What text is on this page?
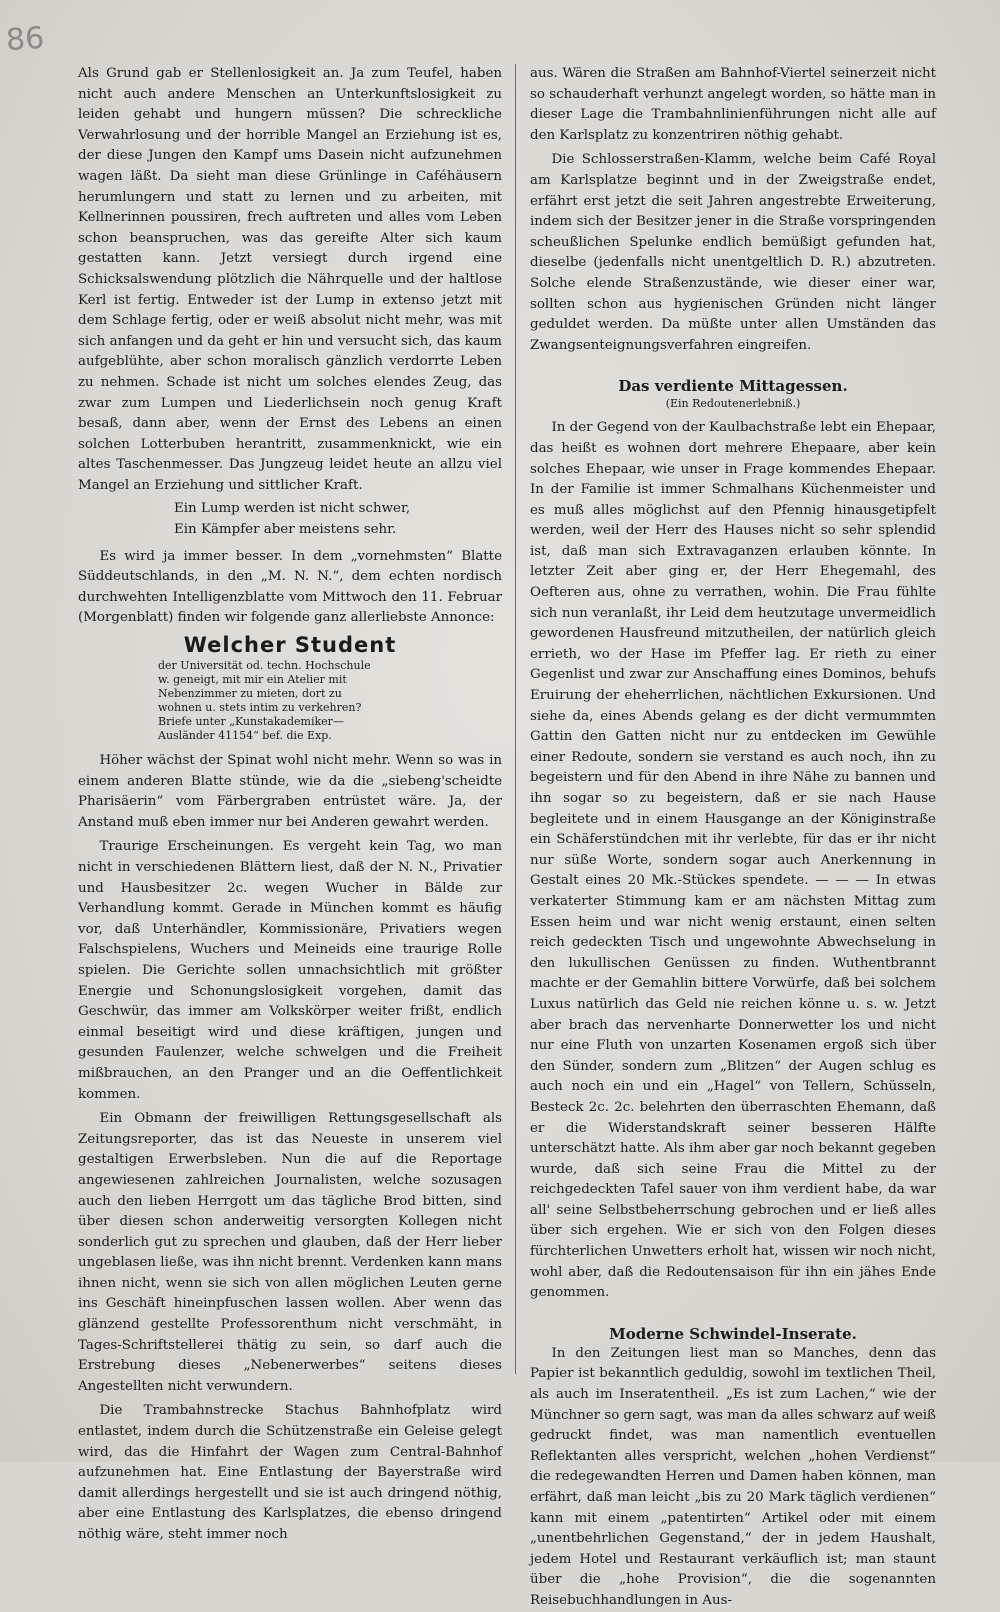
86

Als Grund gab er Stellenlosigkeit an. Ja zum Teufel, haben nicht auch andere Menschen an Unterkunftslosigkeit zu leiden gehabt und hungern müssen? Die schreckliche Verwahrlosung und der horrible Mangel an Erziehung ist es, der diese Jungen den Kampf ums Dasein nicht aufzunehmen wagen läßt. Da sieht man diese Grünlinge in Caféhäusern herumlungern und statt zu lernen und zu arbeiten, mit Kellnerinnen poussiren, frech auftreten und alles vom Leben schon beanspruchen, was das gereifte Alter sich kaum gestatten kann. Jetzt versiegt durch irgend eine Schicksalswendung plötzlich die Nährquelle und der haltlose Kerl ist fertig. Entweder ist der Lump in extenso jetzt mit dem Schlage fertig, oder er weiß absolut nicht mehr, was mit sich anfangen und da geht er hin und versucht sich, das kaum aufgeblühte, aber schon moralisch gänzlich verdorrte Leben zu nehmen. Schade ist nicht um solches elendes Zeug, das zwar zum Lumpen und Liederlichsein noch genug Kraft besaß, dann aber, wenn der Ernst des Lebens an einen solchen Lotterbuben herantritt, zusammenknickt, wie ein altes Taschenmesser. Das Jungzeug leidet heute an allzu viel Mangel an Erziehung und sittlicher Kraft.

Ein Lump werden ist nicht schwer,
Ein Kämpfer aber meistens sehr.

Es wird ja immer besser. In dem „vornehmsten“ Blatte Süddeutschlands, in den „M. N. N.“, dem echten nordisch durchwehten Intelligenzblatte vom Mittwoch den 11. Februar (Morgenblatt) finden wir folgende ganz allerliebste Annonce:

Welcher Student
der Universität od. techn. Hochschule w. geneigt, mit mir ein Atelier mit Nebenzimmer zu mieten, dort zu wohnen u. stets intim zu verkehren? Briefe unter „Kunstakademiker—Ausländer 41154“ bef. die Exp.

Höher wächst der Spinat wohl nicht mehr. Wenn so was in einem anderen Blatte stünde, wie da die „siebeng'scheidte Pharisäerin“ vom Färbergraben entrüstet wäre. Ja, der Anstand muß eben immer nur bei Anderen gewahrt werden.

Traurige Erscheinungen. Es vergeht kein Tag, wo man nicht in verschiedenen Blättern liest, daß der N. N., Privatier und Hausbesitzer 2c. wegen Wucher in Bälde zur Verhandlung kommt. Gerade in München kommt es häufig vor, daß Unterhändler, Kommissionäre, Privatiers wegen Falschspielens, Wuchers und Meineids eine traurige Rolle spielen. Die Gerichte sollen unnachsichtlich mit größter Energie und Schonungslosigkeit vorgehen, damit das Geschwür, das immer am Volkskörper weiter frißt, endlich einmal beseitigt wird und diese kräftigen, jungen und gesunden Faulenzer, welche schwelgen und die Freiheit mißbrauchen, an den Pranger und an die Oeffentlichkeit kommen.

Ein Obmann der freiwilligen Rettungsgesellschaft als Zeitungsreporter, das ist das Neueste in unserem viel gestaltigen Erwerbsleben. Nun die auf die Reportage angewiesenen zahlreichen Journalisten, welche sozusagen auch den lieben Herrgott um das tägliche Brod bitten, sind über diesen schon anderweitig versorgten Kollegen nicht sonderlich gut zu sprechen und glauben, daß der Herr lieber ungeblasen ließe, was ihn nicht brennt. Verdenken kann mans ihnen nicht, wenn sie sich von allen möglichen Leuten gerne ins Geschäft hineinpfuschen lassen wollen. Aber wenn das glänzend gestellte Professorenthum nicht verschmäht, in Tages-Schriftstellerei thätig zu sein, so darf auch die Erstrebung dieses „Nebenerwerbes“ seitens dieses Angestellten nicht verwundern.

Die Trambahnstrecke Stachus Bahnhofplatz wird entlastet, indem durch die Schützenstraße ein Geleise gelegt wird, das die Hinfahrt der Wagen zum Central-Bahnhof aufzunehmen hat. Eine Entlastung der Bayerstraße wird damit allerdings hergestellt und sie ist auch dringend nöthig, aber eine Entlastung des Karlsplatzes, die ebenso dringend nöthig wäre, steht immer noch

aus. Wären die Straßen am Bahnhof-Viertel seinerzeit nicht so schauderhaft verhunzt angelegt worden, so hätte man in dieser Lage die Trambahnlinienführungen nicht alle auf den Karlsplatz zu konzentriren nöthig gehabt.

Die Schlosserstraßen-Klamm, welche beim Café Royal am Karlsplatze beginnt und in der Zweigstraße endet, erfährt erst jetzt die seit Jahren angestrebte Erweiterung, indem sich der Besitzer jener in die Straße vorspringenden scheußlichen Spelunke endlich bemüßigt gefunden hat, dieselbe (jedenfalls nicht unentgeltlich D. R.) abzutreten. Solche elende Straßenzustände, wie dieser einer war, sollten schon aus hygienischen Gründen nicht länger geduldet werden. Da müßte unter allen Umständen das Zwangsenteignungsverfahren eingreifen.

Das verdiente Mittagessen.
(Ein Redoutenerlebniß.)

In der Gegend von der Kaulbachstraße lebt ein Ehepaar, das heißt es wohnen dort mehrere Ehepaare, aber kein solches Ehepaar, wie unser in Frage kommendes Ehepaar. In der Familie ist immer Schmalhans Küchenmeister und es muß alles möglichst auf den Pfennig hinausgetipfelt werden, weil der Herr des Hauses nicht so sehr splendid ist, daß man sich Extravaganzen erlauben könnte. In letzter Zeit aber ging er, der Herr Ehegemahl, des Oefteren aus, ohne zu verrathen, wohin. Die Frau fühlte sich nun veranlaßt, ihr Leid dem heutzutage unvermeidlich gewordenen Hausfreund mitzutheilen, der natürlich gleich errieth, wo der Hase im Pfeffer lag. Er rieth zu einer Gegenlist und zwar zur Anschaffung eines Dominos, behufs Eruirung der eheherrlichen, nächtlichen Exkursionen. Und siehe da, eines Abends gelang es der dicht vermummten Gattin den Gatten nicht nur zu entdecken im Gewühle einer Redoute, sondern sie verstand es auch noch, ihn zu begeistern und für den Abend in ihre Nähe zu bannen und ihn sogar so zu begeistern, daß er sie nach Hause begleitete und in einem Hausgange an der Königinstraße ein Schäferstündchen mit ihr verlebte, für das er ihr nicht nur süße Worte, sondern sogar auch Anerkennung in Gestalt eines 20 Mk.-Stückes spendete. — — — In etwas verkaterter Stimmung kam er am nächsten Mittag zum Essen heim und war nicht wenig erstaunt, einen selten reich gedeckten Tisch und ungewohnte Abwechselung in den lukullischen Genüssen zu finden. Wuthentbrannt machte er der Gemahlin bittere Vorwürfe, daß bei solchem Luxus natürlich das Geld nie reichen könne u. s. w. Jetzt aber brach das nervenharte Donnerwetter los und nicht nur eine Fluth von unzarten Kosenamen ergoß sich über den Sünder, sondern zum „Blitzen“ der Augen schlug es auch noch ein und ein „Hagel“ von Tellern, Schüsseln, Besteck 2c. 2c. belehrten den überraschten Ehemann, daß er die Widerstandskraft seiner besseren Hälfte unterschätzt hatte. Als ihm aber gar noch bekannt gegeben wurde, daß sich seine Frau die Mittel zu der reichgedeckten Tafel sauer von ihm verdient habe, da war all' seine Selbstbeherrschung gebrochen und er ließ alles über sich ergehen. Wie er sich von den Folgen dieses fürchterlichen Unwetters erholt hat, wissen wir noch nicht, wohl aber, daß die Redoutensaison für ihn ein jähes Ende genommen.

Moderne Schwindel-Inserate.

In den Zeitungen liest man so Manches, denn das Papier ist bekanntlich geduldig, sowohl im textlichen Theil, als auch im Inseratentheil. „Es ist zum Lachen,“ wie der Münchner so gern sagt, was man da alles schwarz auf weiß gedruckt findet, was man namentlich eventuellen Reflektanten alles verspricht, welchen „hohen Verdienst“ die redegewandten Herren und Damen haben können, man erfährt, daß man leicht „bis zu 20 Mark täglich verdienen“ kann mit einem „patentirten“ Artikel oder mit einem „unentbehrlichen Gegenstand,“ der in jedem Haushalt, jedem Hotel und Restaurant verkäuflich ist; man staunt über die „hohe Provision“, die die sogenannten Reisebuchhandlungen in Aus-
